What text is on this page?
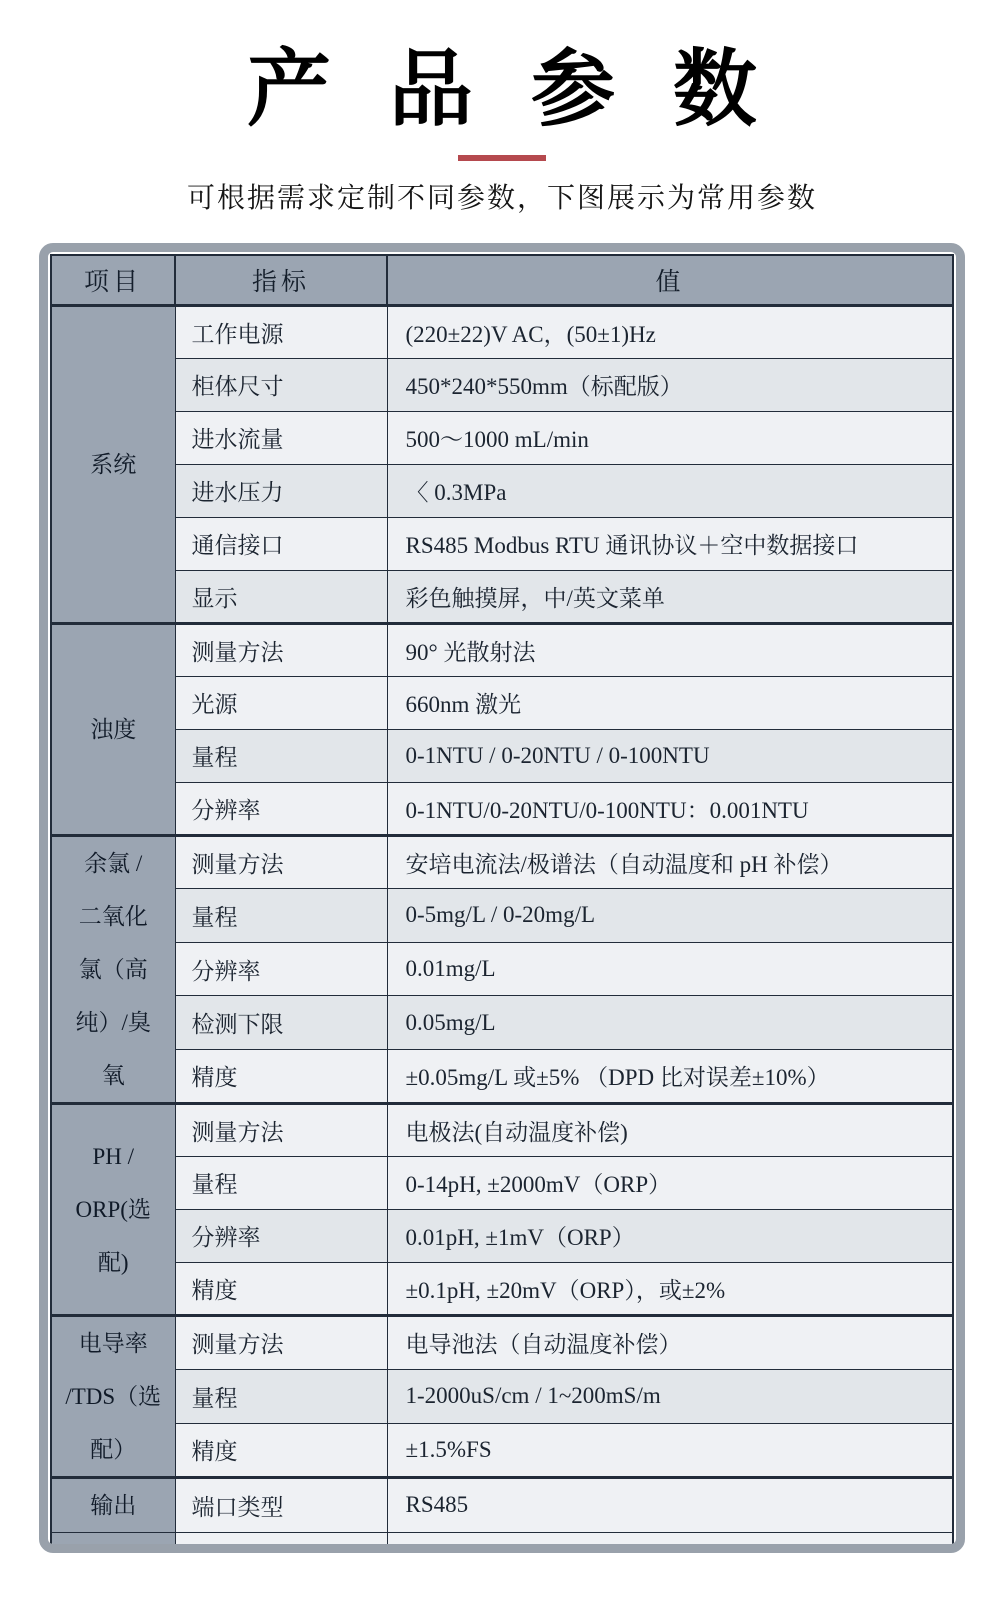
产 品 参 数

可根据需求定制不同参数，下图展示为常用参数

项目	指标	值

系统	工作电源	(220±22)V AC，(50±1)Hz
	柜体尺寸	450*240*550mm（标配版）
	进水流量	500～1000 mL/min
	进水压力	〈 0.3MPa
	通信接口	RS485 Modbus RTU 通讯协议＋空中数据接口
	显示	彩色触摸屏，中/英文菜单

浊度	测量方法	90° 光散射法
	光源	660nm 激光
	量程	0-1NTU / 0-20NTU / 0-100NTU
	分辨率	0-1NTU/0-20NTU/0-100NTU：0.001NTU

余氯 /
二氧化
氯（高
纯）/臭
氧	测量方法	安培电流法/极谱法（自动温度和 pH 补偿）
	量程	0-5mg/L / 0-20mg/L
	分辨率	0.01mg/L
	检测下限	0.05mg/L
	精度	±0.05mg/L 或±5% （DPD 比对误差±10%）

PH /
ORP(选
配)	测量方法	电极法(自动温度补偿)
	量程	0-14pH, ±2000mV（ORP）
	分辨率	0.01pH, ±1mV（ORP）
	精度	±0.1pH, ±20mV（ORP），或±2%

电导率
/TDS（选
配）	测量方法	电导池法（自动温度补偿）
	量程	1-2000uS/cm / 1~200mS/m
	精度	±1.5%FS

输出	端口类型	RS485
